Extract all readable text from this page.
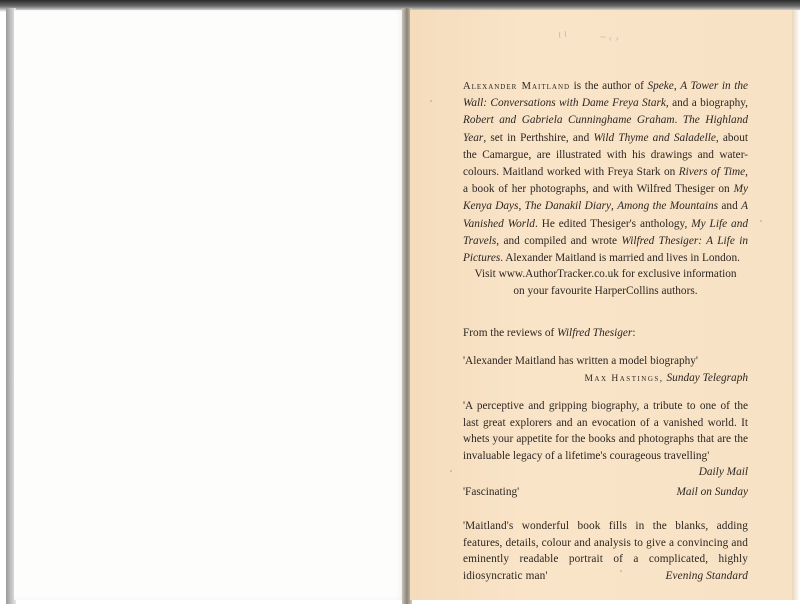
ı ı	~ ‹ ›
Alexander Maitland is the author of Speke, A Tower in the Wall: Conversations with Dame Freya Stark, and a biography, Robert and Gabriela Cunninghame Graham. The Highland Year, set in Perthshire, and Wild Thyme and Saladelle, about the Camargue, are illustrated with his drawings and water-colours. Maitland worked with Freya Stark on Rivers of Time, a book of her photographs, and with Wilfred Thesiger on My Kenya Days, The Danakil Diary, Among the Mountains and A Vanished World. He edited Thesiger's anthology, My Life and Travels, and compiled and wrote Wilfred Thesiger: A Life in Pictures. Alexander Maitland is married and lives in London.
Visit www.AuthorTracker.co.uk for exclusive information
on your favourite HarperCollins authors.
From the reviews of Wilfred Thesiger:
'Alexander Maitland has written a model biography'
Max Hastings, Sunday Telegraph
'A perceptive and gripping biography, a tribute to one of the last great explorers and an evocation of a vanished world. It whets your appetite for the books and photographs that are the invaluable legacy of a lifetime's courageous travelling'
Daily Mail
'Fascinating'	Mail on Sunday
'Maitland's wonderful book fills in the blanks, adding features, details, colour and analysis to give a convincing and eminently readable portrait of a complicated, highly idiosyncratic man'	Evening Standard
